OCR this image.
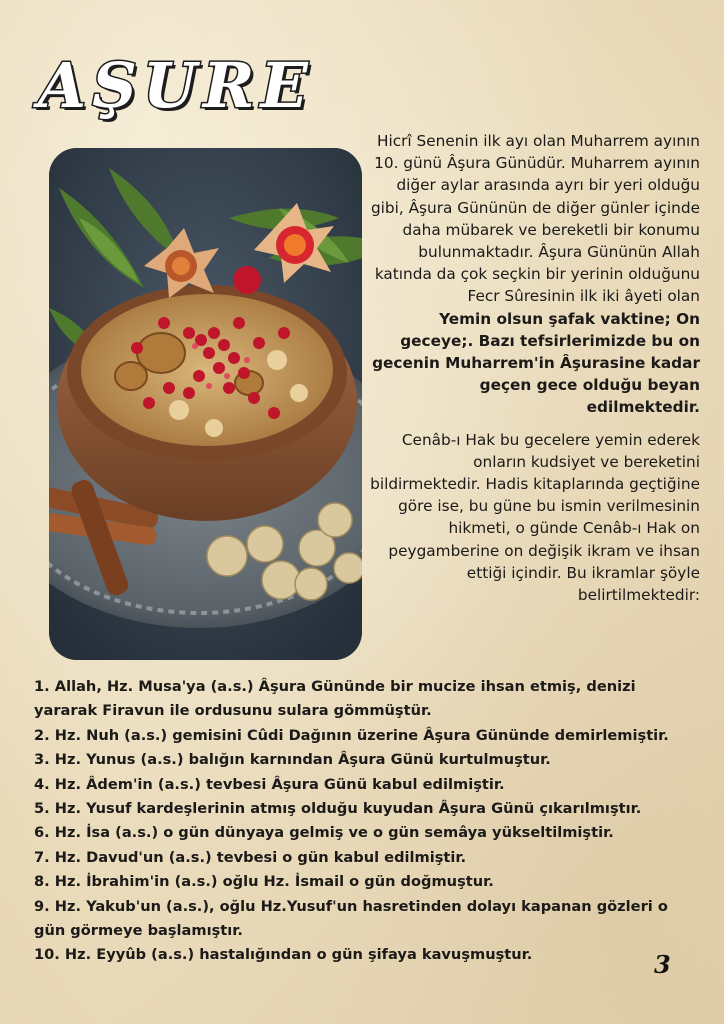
AŞURE

Hicrî Senenin ilk ayı olan Muharrem ayının 10. günü Âşura Günüdür. Muharrem ayının diğer aylar arasında ayrı bir yeri olduğu gibi, Âşura Gününün de diğer günler içinde daha mübarek ve bereketli bir konumu bulunmaktadır. Âşura Gününün Allah katında da çok seçkin bir yerinin olduğunu Fecr Sûresinin ilk iki âyeti olan

Yemin olsun şafak vaktine; On geceye;. Bazı tefsirlerimizde bu on gecenin Muharrem'in Âşurasine kadar geçen gece olduğu beyan edilmektedir.

Cenâb-ı Hak bu gecelere yemin ederek onların kudsiyet ve bereketini bildirmektedir. Hadis kitaplarında geçtiğine göre ise, bu güne bu ismin verilmesinin hikmeti, o günde Cenâb-ı Hak on peygamberine on değişik ikram ve ihsan ettiği içindir. Bu ikramlar şöyle belirtilmektedir:

1. Allah, Hz. Musa'ya (a.s.) Âşura Gününde bir mucize ihsan etmiş, denizi yararak Firavun ile ordusunu sulara gömmüştür.
2. Hz. Nuh (a.s.) gemisini Cûdi Dağının üzerine Âşura Gününde demirlemiştir.
3. Hz. Yunus (a.s.) balığın karnından Âşura Günü kurtulmuştur.
4. Hz. Âdem'in (a.s.) tevbesi Âşura Günü kabul edilmiştir.
5. Hz. Yusuf kardeşlerinin atmış olduğu kuyudan Âşura Günü çıkarılmıştır.
6. Hz. İsa (a.s.) o gün dünyaya gelmiş ve o gün semâya yükseltilmiştir.
7. Hz. Davud'un (a.s.) tevbesi o gün kabul edilmiştir.
8. Hz. İbrahim'in (a.s.) oğlu Hz. İsmail o gün doğmuştur.
9. Hz. Yakub'un (a.s.), oğlu Hz.Yusuf'un hasretinden dolayı kapanan gözleri o gün görmeye başlamıştır.
10. Hz. Eyyûb (a.s.) hastalığından o gün şifaya kavuşmuştur.	3
